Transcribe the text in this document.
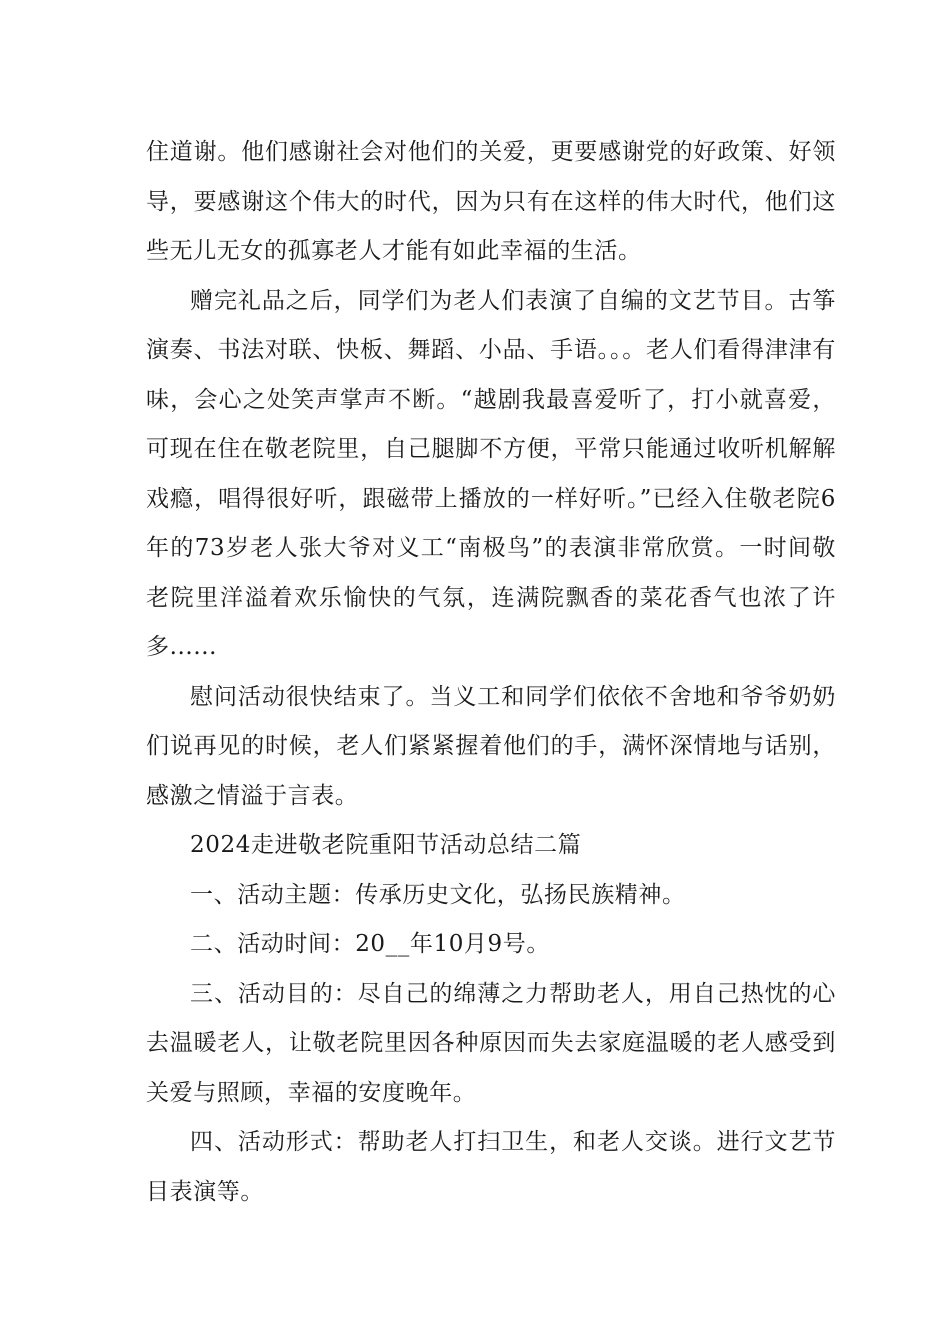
住道谢。他们感谢社会对他们的关爱，更要感谢党的好政策、好领导，要感谢这个伟大的时代，因为只有在这样的伟大时代，他们这些无儿无女的孤寡老人才能有如此幸福的生活。

赠完礼品之后，同学们为老人们表演了自编的文艺节目。古筝演奏、书法对联、快板、舞蹈、小品、手语。。。老人们看得津津有味，会心之处笑声掌声不断。“越剧我最喜爱听了，打小就喜爱，可现在住在敬老院里，自己腿脚不方便，平常只能通过收听机解解戏瘾，唱得很好听，跟磁带上播放的一样好听。”已经入住敬老院6年的73岁老人张大爷对义工“南极鸟”的表演非常欣赏。一时间敬老院里洋溢着欢乐愉快的气氛，连满院飘香的菜花香气也浓了许多......

慰问活动很快结束了。当义工和同学们依依不舍地和爷爷奶奶们说再见的时候，老人们紧紧握着他们的手，满怀深情地与话别，感激之情溢于言表。

2024走进敬老院重阳节活动总结二篇

一、活动主题：传承历史文化，弘扬民族精神。

二、活动时间：20__年10月9号。

三、活动目的：尽自己的绵薄之力帮助老人，用自己热忱的心去温暖老人，让敬老院里因各种原因而失去家庭温暖的老人感受到关爱与照顾，幸福的安度晚年。

四、活动形式：帮助老人打扫卫生，和老人交谈。进行文艺节目表演等。
